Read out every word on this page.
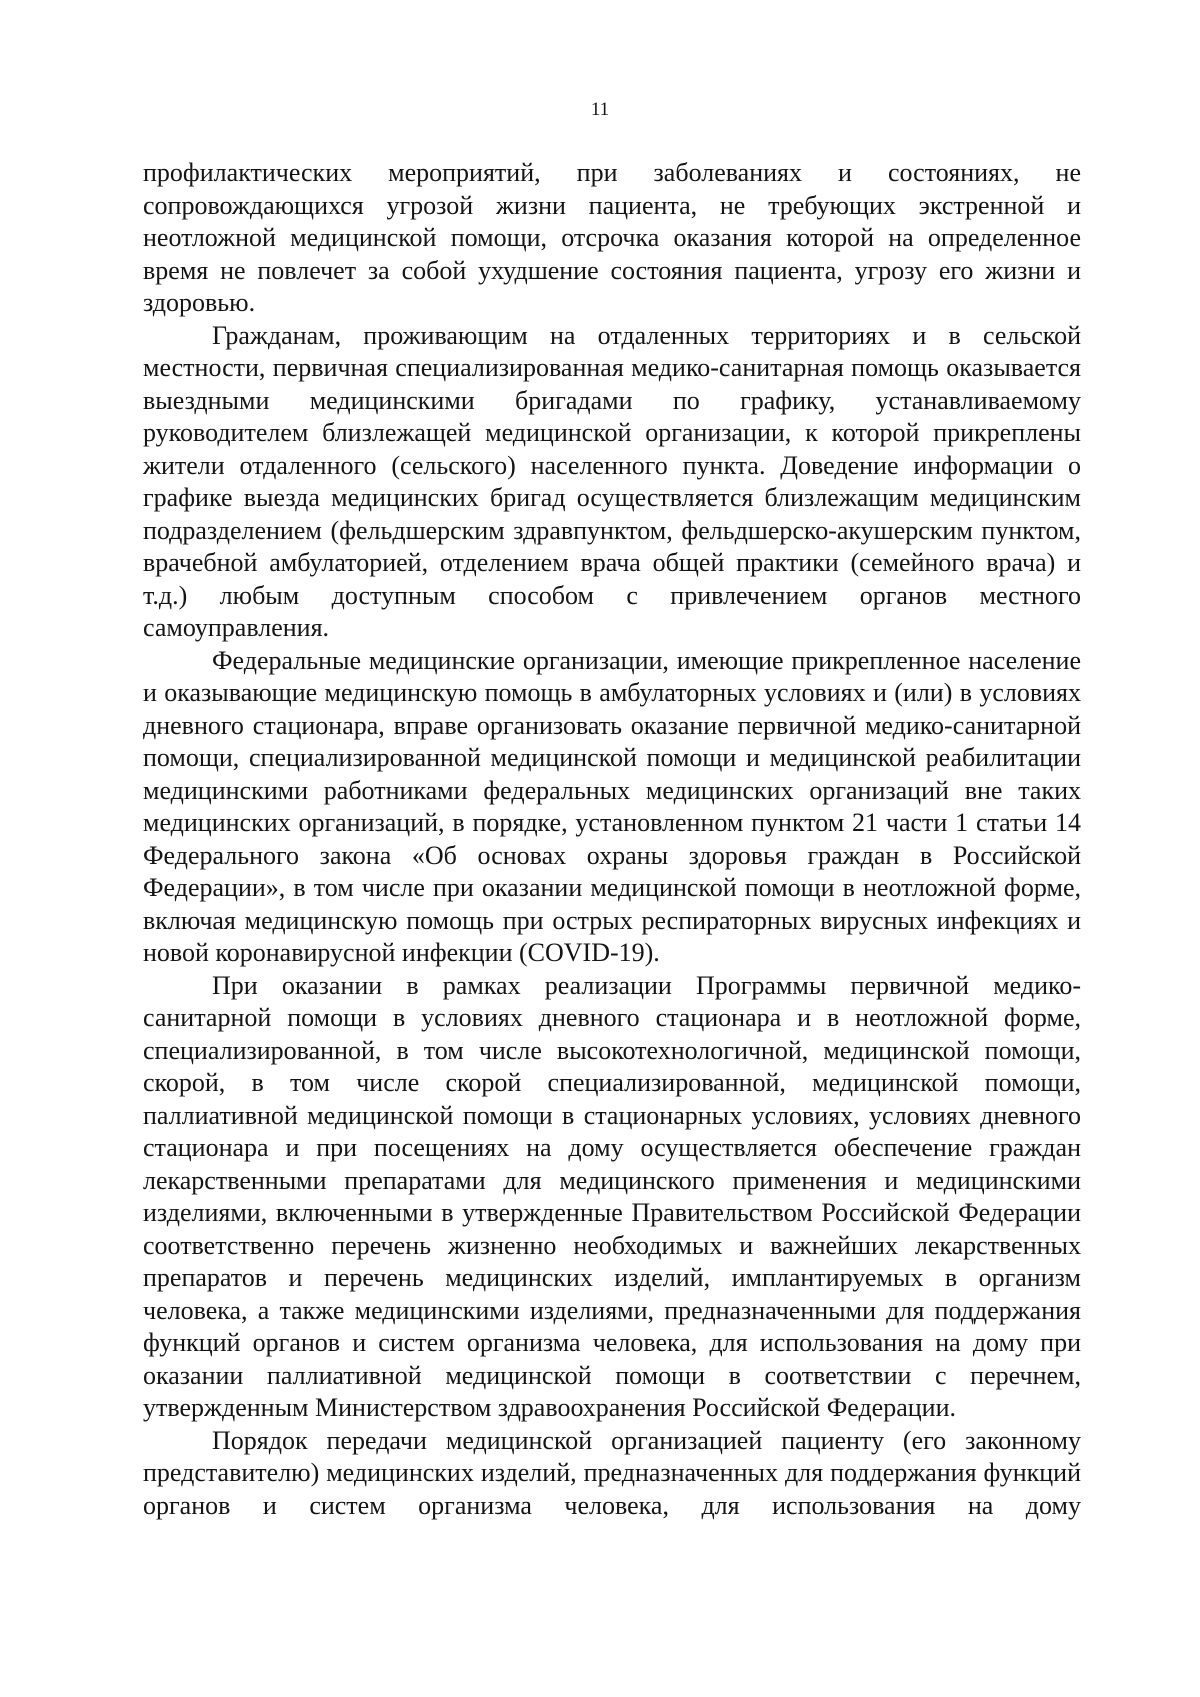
11

профилактических мероприятий, при заболеваниях и состояниях, не сопровождающихся угрозой жизни пациента, не требующих экстренной и неотложной медицинской помощи, отсрочка оказания которой на определенное время не повлечет за собой ухудшение состояния пациента, угрозу его жизни и здоровью.

Гражданам, проживающим на отдаленных территориях и в сельской местности, первичная специализированная медико-санитарная помощь оказывается выездными медицинскими бригадами по графику, устанавливаемому руководителем близлежащей медицинской организации, к которой прикреплены жители отдаленного (сельского) населенного пункта. Доведение информации о графике выезда медицинских бригад осуществляется близлежащим медицинским подразделением (фельдшерским здравпунктом, фельдшерско-акушерским пунктом, врачебной амбулаторией, отделением врача общей практики (семейного врача) и т.д.) любым доступным способом с привлечением органов местного самоуправления.

Федеральные медицинские организации, имеющие прикрепленное население и оказывающие медицинскую помощь в амбулаторных условиях и (или) в условиях дневного стационара, вправе организовать оказание первичной медико-санитарной помощи, специализированной медицинской помощи и медицинской реабилитации медицинскими работниками федеральных медицинских организаций вне таких медицинских организаций, в порядке, установленном пунктом 21 части 1 статьи 14 Федерального закона «Об основах охраны здоровья граждан в Российской Федерации», в том числе при оказании медицинской помощи в неотложной форме, включая медицинскую помощь при острых респираторных вирусных инфекциях и новой коронавирусной инфекции (COVID-19).

При оказании в рамках реализации Программы первичной медико-санитарной помощи в условиях дневного стационара и в неотложной форме, специализированной, в том числе высокотехнологичной, медицинской помощи, скорой, в том числе скорой специализированной, медицинской помощи, паллиативной медицинской помощи в стационарных условиях, условиях дневного стационара и при посещениях на дому осуществляется обеспечение граждан лекарственными препаратами для медицинского применения и медицинскими изделиями, включенными в утвержденные Правительством Российской Федерации соответственно перечень жизненно необходимых и важнейших лекарственных препаратов и перечень медицинских изделий, имплантируемых в организм человека, а также медицинскими изделиями, предназначенными для поддержания функций органов и систем организма человека, для использования на дому при оказании паллиативной медицинской помощи в соответствии с перечнем, утвержденным Министерством здравоохранения Российской Федерации.

Порядок передачи медицинской организацией пациенту (его законному представителю) медицинских изделий, предназначенных для поддержания функций органов и систем организма человека, для использования на дому
